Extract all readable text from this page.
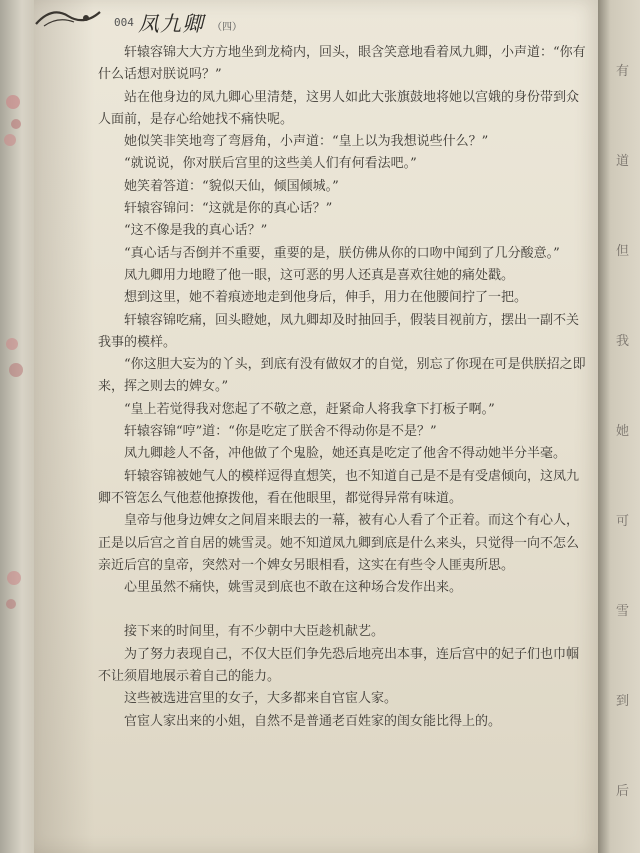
004 凤九卿 （四）

轩辕容锦大大方方地坐到龙椅内，回头，眼含笑意地看着凤九卿，小声道：“你有什么话想对朕说吗？”

站在他身边的凤九卿心里清楚，这男人如此大张旗鼓地将她以宫娥的身份带到众人面前，是存心给她找不痛快呢。

她似笑非笑地弯了弯唇角，小声道：“皇上以为我想说些什么？”

“就说说，你对朕后宫里的这些美人们有何看法吧。”

她笑着答道：“貌似天仙，倾国倾城。”

轩辕容锦问：“这就是你的真心话？”

“这不像是我的真心话？”

“真心话与否倒并不重要，重要的是，朕仿佛从你的口吻中闻到了几分酸意。”

凤九卿用力地瞪了他一眼，这可恶的男人还真是喜欢往她的痛处戳。

想到这里，她不着痕迹地走到他身后，伸手，用力在他腰间拧了一把。

轩辕容锦吃痛，回头瞪她，凤九卿却及时抽回手，假装目视前方，摆出一副不关我事的模样。

“你这胆大妄为的丫头，到底有没有做奴才的自觉，别忘了你现在可是供朕招之即来，挥之则去的婢女。”

“皇上若觉得我对您起了不敬之意，赶紧命人将我拿下打板子啊。”

轩辕容锦“哼”道：“你是吃定了朕舍不得动你是不是？”

凤九卿趁人不备，冲他做了个鬼脸，她还真是吃定了他舍不得动她半分半毫。

轩辕容锦被她气人的模样逗得直想笑，也不知道自己是不是有受虐倾向，这凤九卿不管怎么气他惹他撩拨他，看在他眼里，都觉得异常有味道。

皇帝与他身边婢女之间眉来眼去的一幕，被有心人看了个正着。而这个有心人，正是以后宫之首自居的姚雪灵。她不知道凤九卿到底是什么来头，只觉得一向不怎么亲近后宫的皇帝，突然对一个婢女另眼相看，这实在有些令人匪夷所思。

心里虽然不痛快，姚雪灵到底也不敢在这种场合发作出来。

接下来的时间里，有不少朝中大臣趁机献艺。

为了努力表现自己，不仅大臣们争先恐后地亮出本事，连后宫中的妃子们也巾帼不让须眉地展示着自己的能力。

这些被选进宫里的女子，大多都来自官宦人家。

官宦人家出来的小姐，自然不是普通老百姓家的闺女能比得上的。

有
道
但
我
她
可
雪
到
后
